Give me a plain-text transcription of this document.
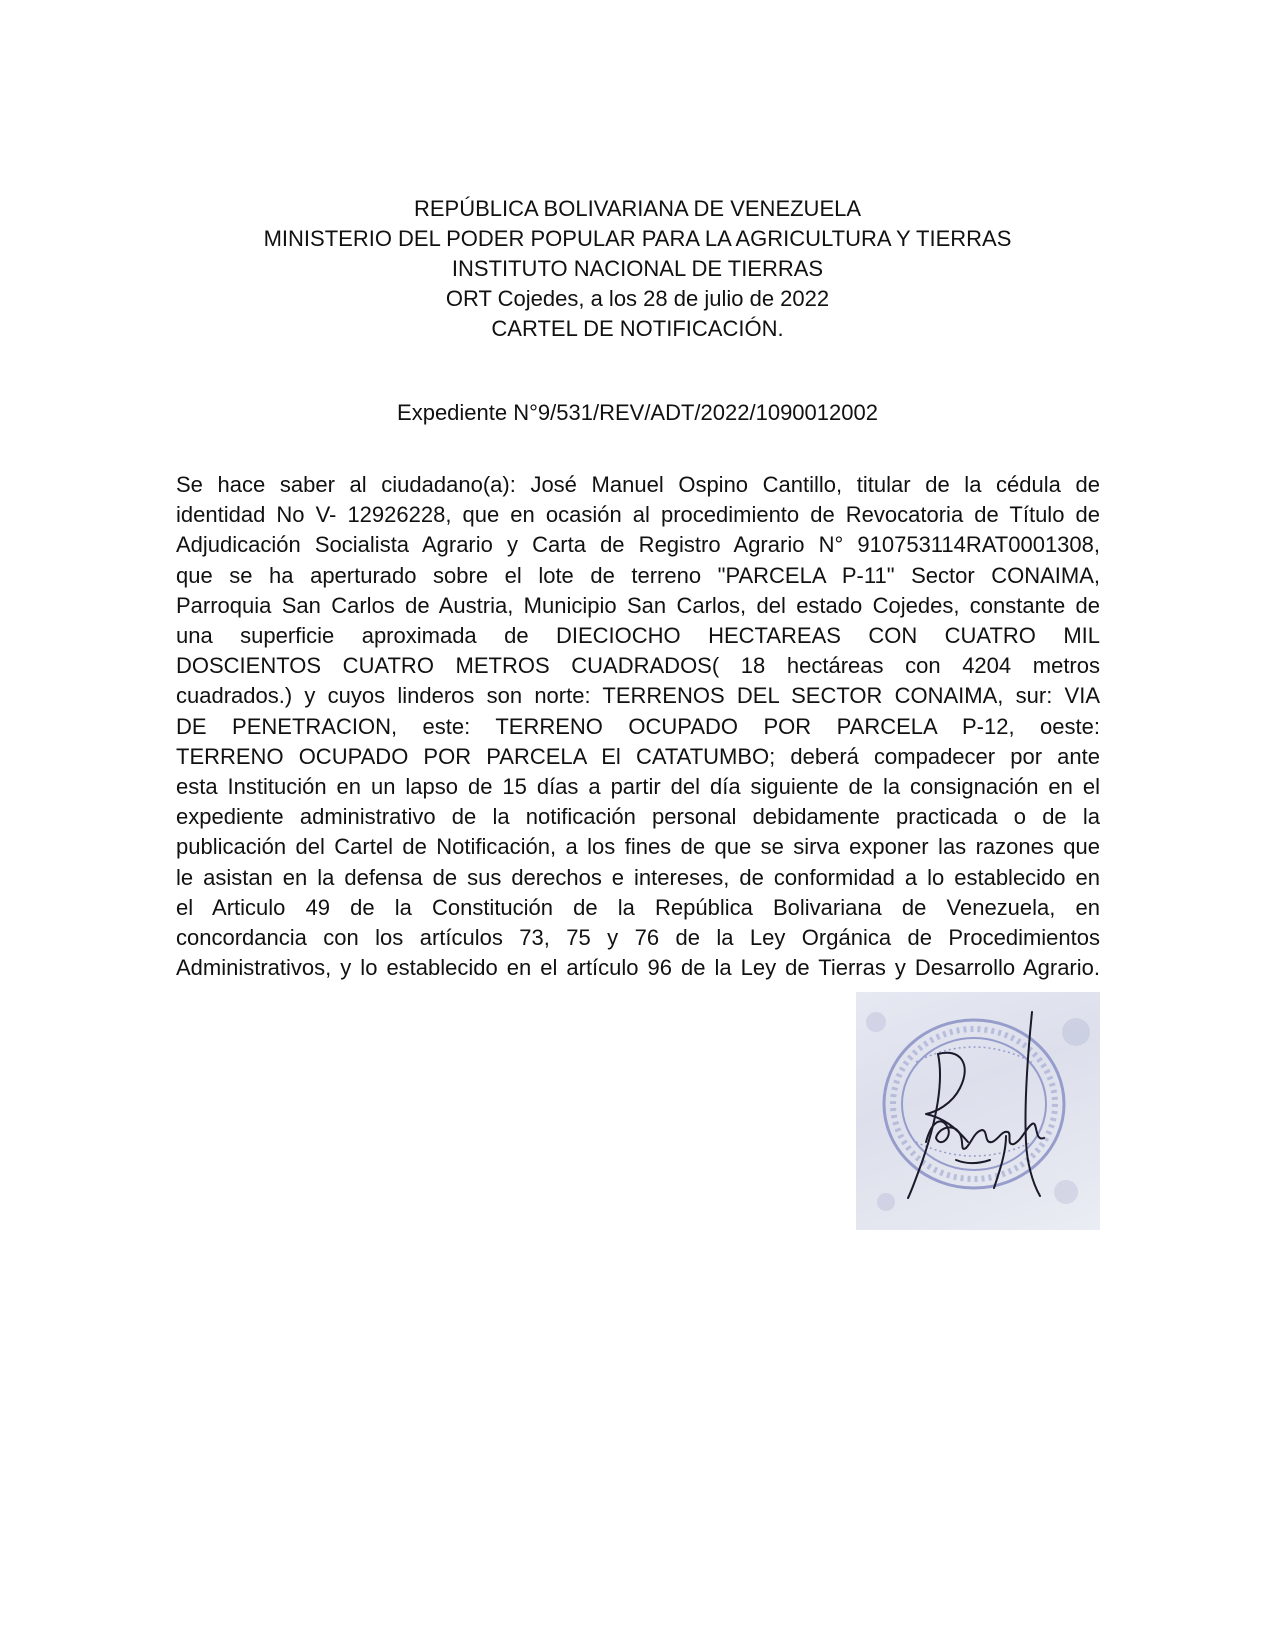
REPÚBLICA BOLIVARIANA DE VENEZUELA
MINISTERIO DEL PODER POPULAR PARA LA AGRICULTURA Y TIERRAS
INSTITUTO NACIONAL DE TIERRAS
ORT Cojedes, a los 28 de julio de 2022
CARTEL DE NOTIFICACIÓN.
Expediente N°9/531/REV/ADT/2022/1090012002
Se hace saber al ciudadano(a): José Manuel Ospino Cantillo, titular de la cédula de
identidad No V- 12926228, que en ocasión al procedimiento de Revocatoria de Título de
Adjudicación Socialista Agrario y Carta de Registro Agrario N° 910753114RAT0001308,
que se ha aperturado sobre el lote de terreno "PARCELA P-11" Sector CONAIMA,
Parroquia San Carlos de Austria, Municipio San Carlos, del estado Cojedes, constante de
una superficie aproximada de DIECIOCHO HECTAREAS CON CUATRO MIL
DOSCIENTOS CUATRO METROS CUADRADOS( 18 hectáreas con 4204 metros
cuadrados.) y cuyos linderos son norte: TERRENOS DEL SECTOR CONAIMA, sur: VIA
DE PENETRACION, este: TERRENO OCUPADO POR PARCELA P-12, oeste:
TERRENO OCUPADO POR PARCELA El CATATUMBO; deberá compadecer por ante
esta Institución en un lapso de 15 días a partir del día siguiente de la consignación en el
expediente administrativo de la notificación personal debidamente practicada o de la
publicación del Cartel de Notificación, a los fines de que se sirva exponer las razones que
le asistan en la defensa de sus derechos e intereses, de conformidad a lo establecido en
el Articulo 49 de la Constitución de la República Bolivariana de Venezuela, en
concordancia con los artículos 73, 75 y 76 de la Ley Orgánica de Procedimientos
Administrativos, y lo establecido en el artículo 96 de la Ley de Tierras y Desarrollo Agrario.
